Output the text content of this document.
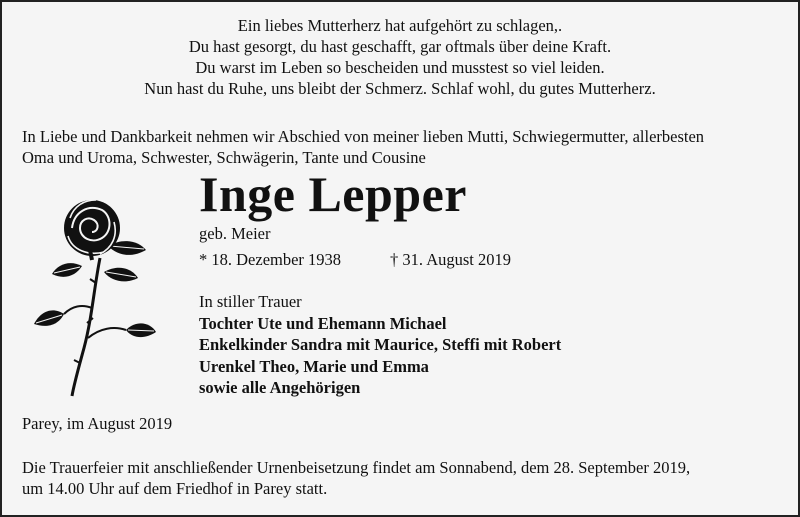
Ein liebes Mutterherz hat aufgehört zu schlagen,.
Du hast gesorgt, du hast geschafft, gar oftmals über deine Kraft.
Du warst im Leben so bescheiden und musstest so viel leiden.
Nun hast du Ruhe, uns bleibt der Schmerz. Schlaf wohl, du gutes Mutterherz.
In Liebe und Dankbarkeit nehmen wir Abschied von meiner lieben Mutti, Schwiegermutter, allerbesten
Oma und Uroma, Schwester, Schwägerin, Tante und Cousine
Inge Lepper
geb. Meier
* 18. Dezember 1938	† 31. August 2019
In stiller Trauer
Tochter Ute und Ehemann Michael
Enkelkinder Sandra mit Maurice, Steffi mit Robert
Urenkel Theo, Marie und Emma
sowie alle Angehörigen
Parey, im August 2019
Die Trauerfeier mit anschließender Urnenbeisetzung findet am Sonnabend, dem 28. September 2019,
um 14.00 Uhr auf dem Friedhof in Parey statt.
